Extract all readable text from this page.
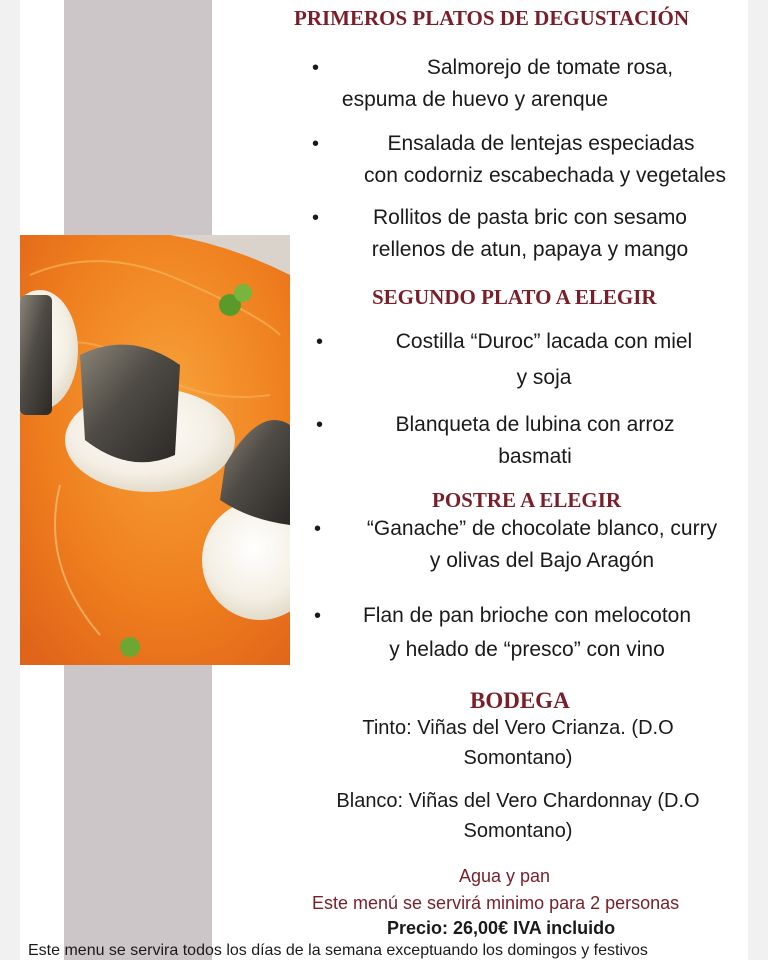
PRIMEROS PLATOS DE DEGUSTACIÓN
•	Salmorejo de tomate rosa,
espuma de huevo y arenque
•	Ensalada de lentejas especiadas
con codorniz escabechada y vegetales
•	Rollitos de pasta bric con sesamo
rellenos de atun, papaya y mango
SEGUNDO PLATO A ELEGIR
•	Costilla “Duroc” lacada con miel
y soja
•	Blanqueta de lubina con arroz
basmati
POSTRE A ELEGIR
•	“Ganache” de chocolate blanco, curry
y olivas del Bajo Aragón
•	Flan de pan brioche con melocoton
y helado de “presco” con vino
BODEGA
Tinto: Viñas del Vero Crianza. (D.O
Somontano)
Blanco: Viñas del Vero Chardonnay (D.O
Somontano)
Agua y pan
Este menú se servirá minimo para 2 personas
Precio: 26,00€ IVA incluido
Este menu se servira todos los días de la semana exceptuando los domingos y festivos
